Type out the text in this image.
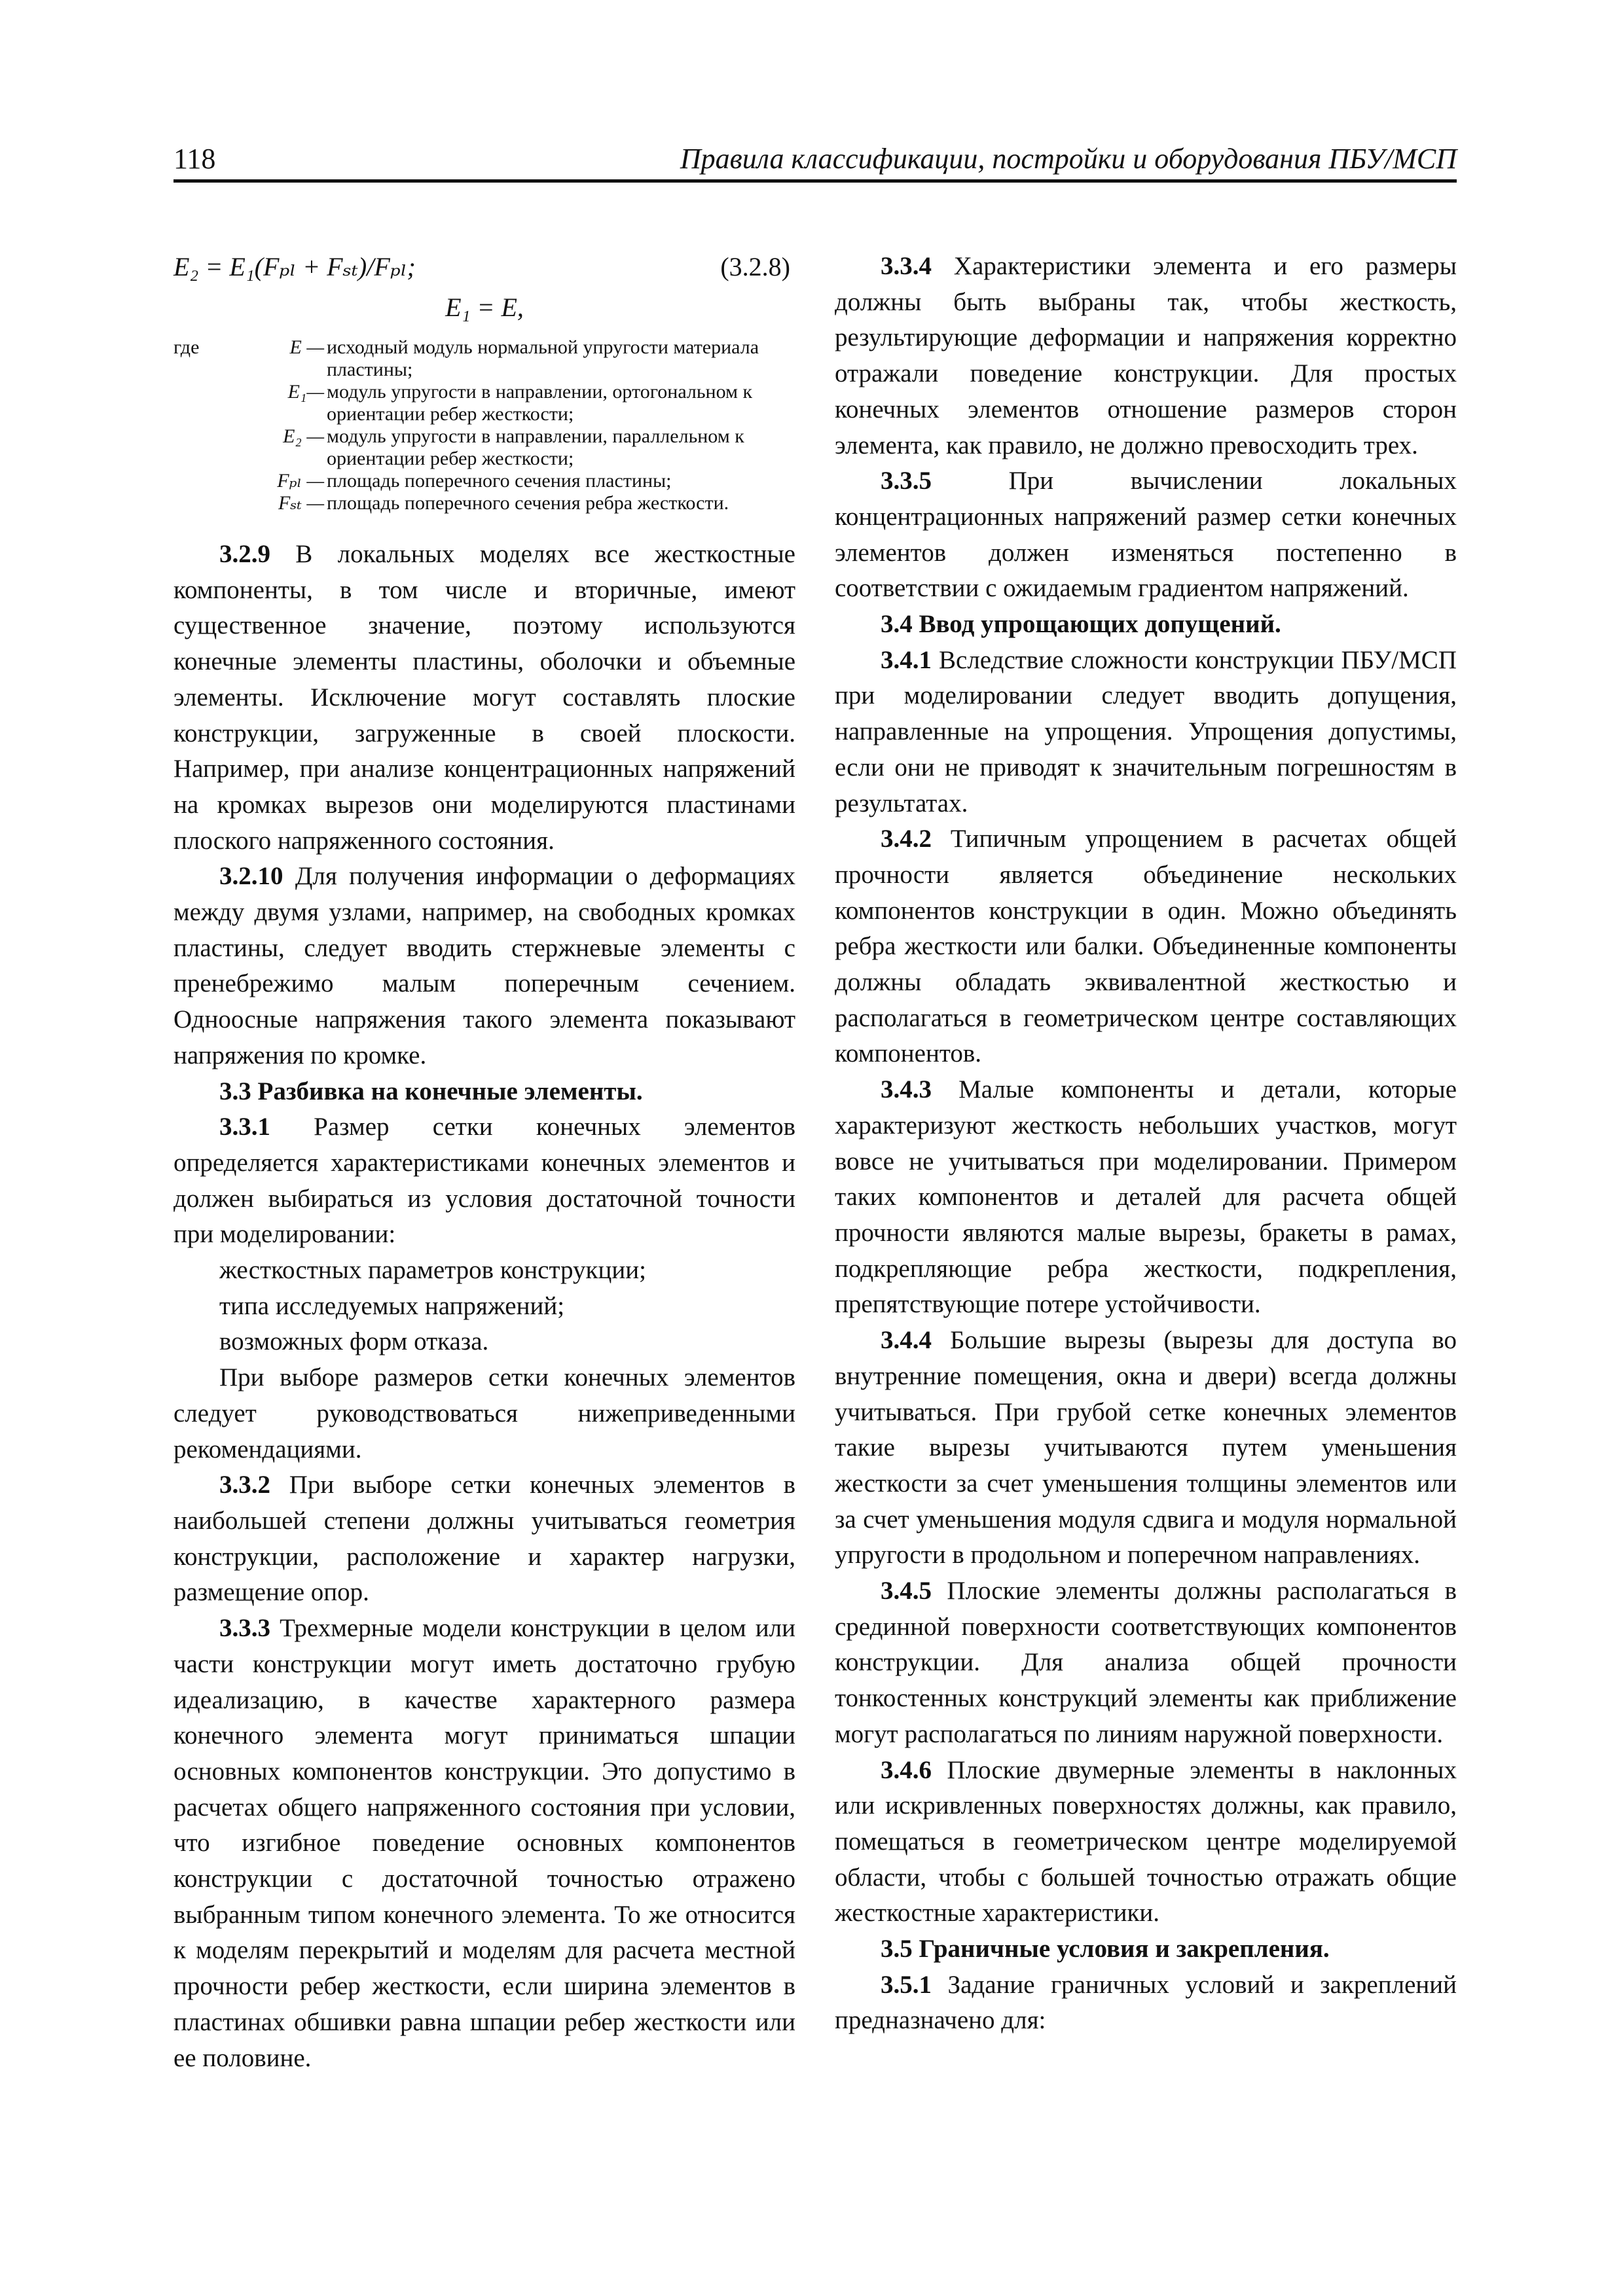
118	Правила классификации, постройки и оборудования ПБУ/МСП
E₂ = E₁(Fₚₗ + Fₛₜ)/Fₚₗ;	(3.2.8)
E₁ = E,
где	E — исходный модуль нормальной упругости материала пластины;
E₁— модуль упругости в направлении, ортогональном к ориентации ребер жесткости;
E₂ — модуль упругости в направлении, параллельном к ориентации ребер жесткости;
Fₚₗ — площадь поперечного сечения пластины;
Fₛₜ — площадь поперечного сечения ребра жесткости.

3.2.9 В локальных моделях все жесткостные компоненты, в том числе и вторичные, имеют существенное значение, поэтому используются конечные элементы пластины, оболочки и объемные элементы. Исключение могут составлять плоские конструкции, загруженные в своей плоскости. Например, при анализе концентрационных напряжений на кромках вырезов они моделируются пластинами плоского напряженного состояния.

3.2.10 Для получения информации о деформациях между двумя узлами, например, на свободных кромках пластины, следует вводить стержневые элементы с пренебрежимо малым поперечным сечением. Одноосные напряжения такого элемента показывают напряжения по кромке.

3.3 Разбивка на конечные элементы.

3.3.1 Размер сетки конечных элементов определяется характеристиками конечных элементов и должен выбираться из условия достаточной точности при моделировании:

жесткостных параметров конструкции;

типа исследуемых напряжений;

возможных форм отказа.

При выборе размеров сетки конечных элементов следует руководствоваться нижеприведенными рекомендациями.

3.3.2 При выборе сетки конечных элементов в наибольшей степени должны учитываться геометрия конструкции, расположение и характер нагрузки, размещение опор.

3.3.3 Трехмерные модели конструкции в целом или части конструкции могут иметь достаточно грубую идеализацию, в качестве характерного размера конечного элемента могут приниматься шпации основных компонентов конструкции. Это допустимо в расчетах общего напряженного состояния при условии, что изгибное поведение основных компонентов конструкции с достаточной точностью отражено выбранным типом конечного элемента. То же относится к моделям перекрытий и моделям для расчета местной прочности ребер жесткости, если ширина элементов в пластинах обшивки равна шпации ребер жесткости или ее половине.

3.3.4 Характеристики элемента и его размеры должны быть выбраны так, чтобы жесткость, результирующие деформации и напряжения корректно отражали поведение конструкции. Для простых конечных элементов отношение размеров сторон элемента, как правило, не должно превосходить трех.

3.3.5 При вычислении локальных концентрационных напряжений размер сетки конечных элементов должен изменяться постепенно в соответствии с ожидаемым градиентом напряжений.

3.4 Ввод упрощающих допущений.

3.4.1 Вследствие сложности конструкции ПБУ/МСП при моделировании следует вводить допущения, направленные на упрощения. Упрощения допустимы, если они не приводят к значительным погрешностям в результатах.

3.4.2 Типичным упрощением в расчетах общей прочности является объединение нескольких компонентов конструкции в один. Можно объединять ребра жесткости или балки. Объединенные компоненты должны обладать эквивалентной жесткостью и располагаться в геометрическом центре составляющих компонентов.

3.4.3 Малые компоненты и детали, которые характеризуют жесткость небольших участков, могут вовсе не учитываться при моделировании. Примером таких компонентов и деталей для расчета общей прочности являются малые вырезы, бракеты в рамах, подкрепляющие ребра жесткости, подкрепления, препятствующие потере устойчивости.

3.4.4 Большие вырезы (вырезы для доступа во внутренние помещения, окна и двери) всегда должны учитываться. При грубой сетке конечных элементов такие вырезы учитываются путем уменьшения жесткости за счет уменьшения толщины элементов или за счет уменьшения модуля сдвига и модуля нормальной упругости в продольном и поперечном направлениях.

3.4.5 Плоские элементы должны располагаться в срединной поверхности соответствующих компонентов конструкции. Для анализа общей прочности тонкостенных конструкций элементы как приближение могут располагаться по линиям наружной поверхности.

3.4.6 Плоские двумерные элементы в наклонных или искривленных поверхностях должны, как правило, помещаться в геометрическом центре моделируемой области, чтобы с большей точностью отражать общие жесткостные характеристики.

3.5 Граничные условия и закрепления.

3.5.1 Задание граничных условий и закреплений предназначено для:
